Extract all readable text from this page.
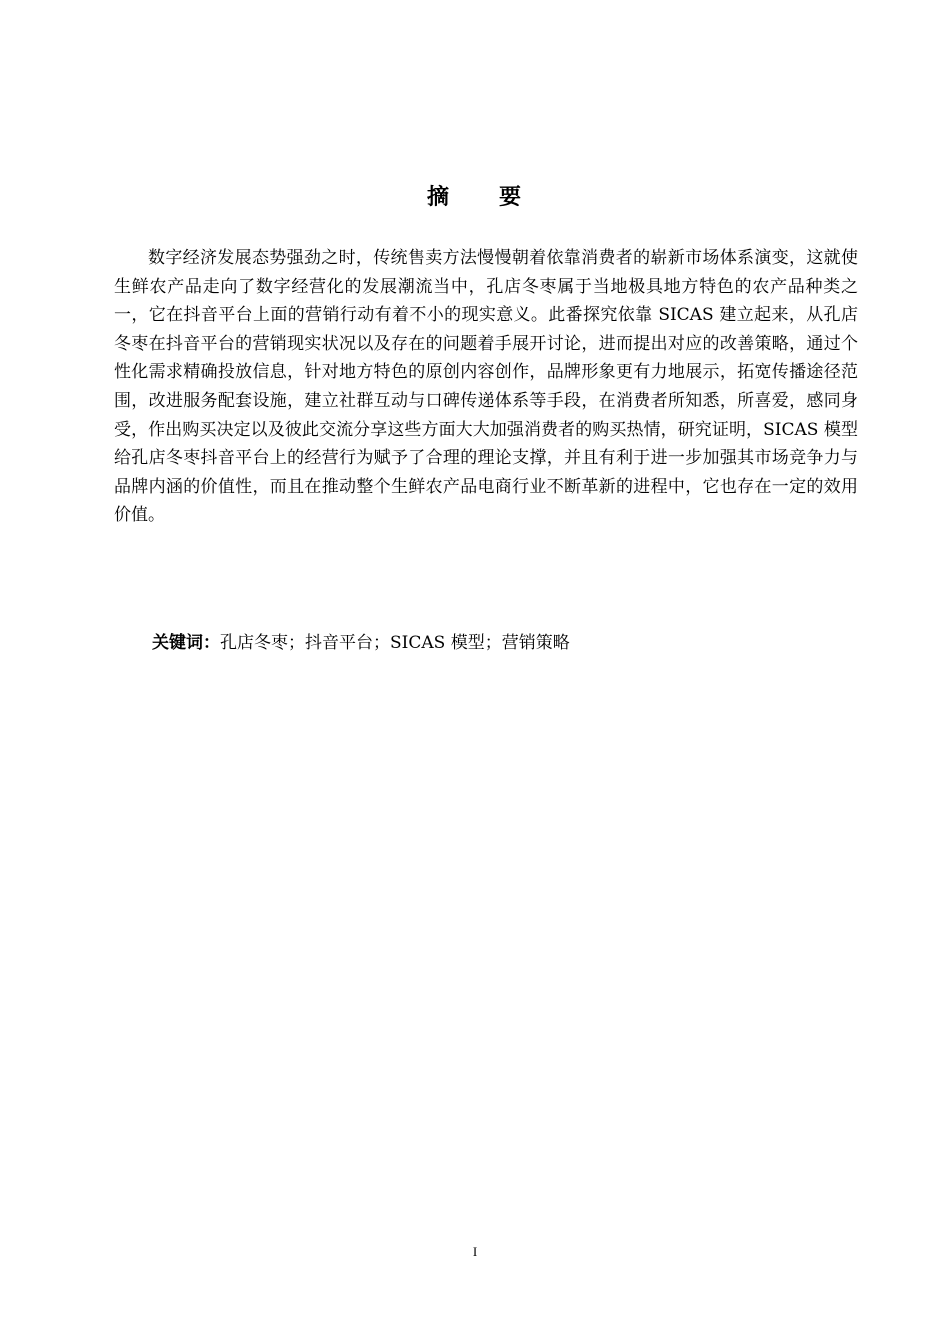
摘　　要

数字经济发展态势强劲之时，传统售卖方法慢慢朝着依靠消费者的崭新市场体系演变，这就使生鲜农产品走向了数字经营化的发展潮流当中，孔店冬枣属于当地极具地方特色的农产品种类之一，它在抖音平台上面的营销行动有着不小的现实意义。此番探究依靠 SICAS 建立起来，从孔店冬枣在抖音平台的营销现实状况以及存在的问题着手展开讨论，进而提出对应的改善策略，通过个性化需求精确投放信息，针对地方特色的原创内容创作，品牌形象更有力地展示，拓宽传播途径范围，改进服务配套设施，建立社群互动与口碑传递体系等手段，在消费者所知悉，所喜爱，感同身受，作出购买决定以及彼此交流分享这些方面大大加强消费者的购买热情，研究证明，SICAS 模型给孔店冬枣抖音平台上的经营行为赋予了合理的理论支撑，并且有利于进一步加强其市场竞争力与品牌内涵的价值性，而且在推动整个生鲜农产品电商行业不断革新的进程中，它也存在一定的效用价值。

关键词：孔店冬枣；抖音平台；SICAS 模型；营销策略

I
